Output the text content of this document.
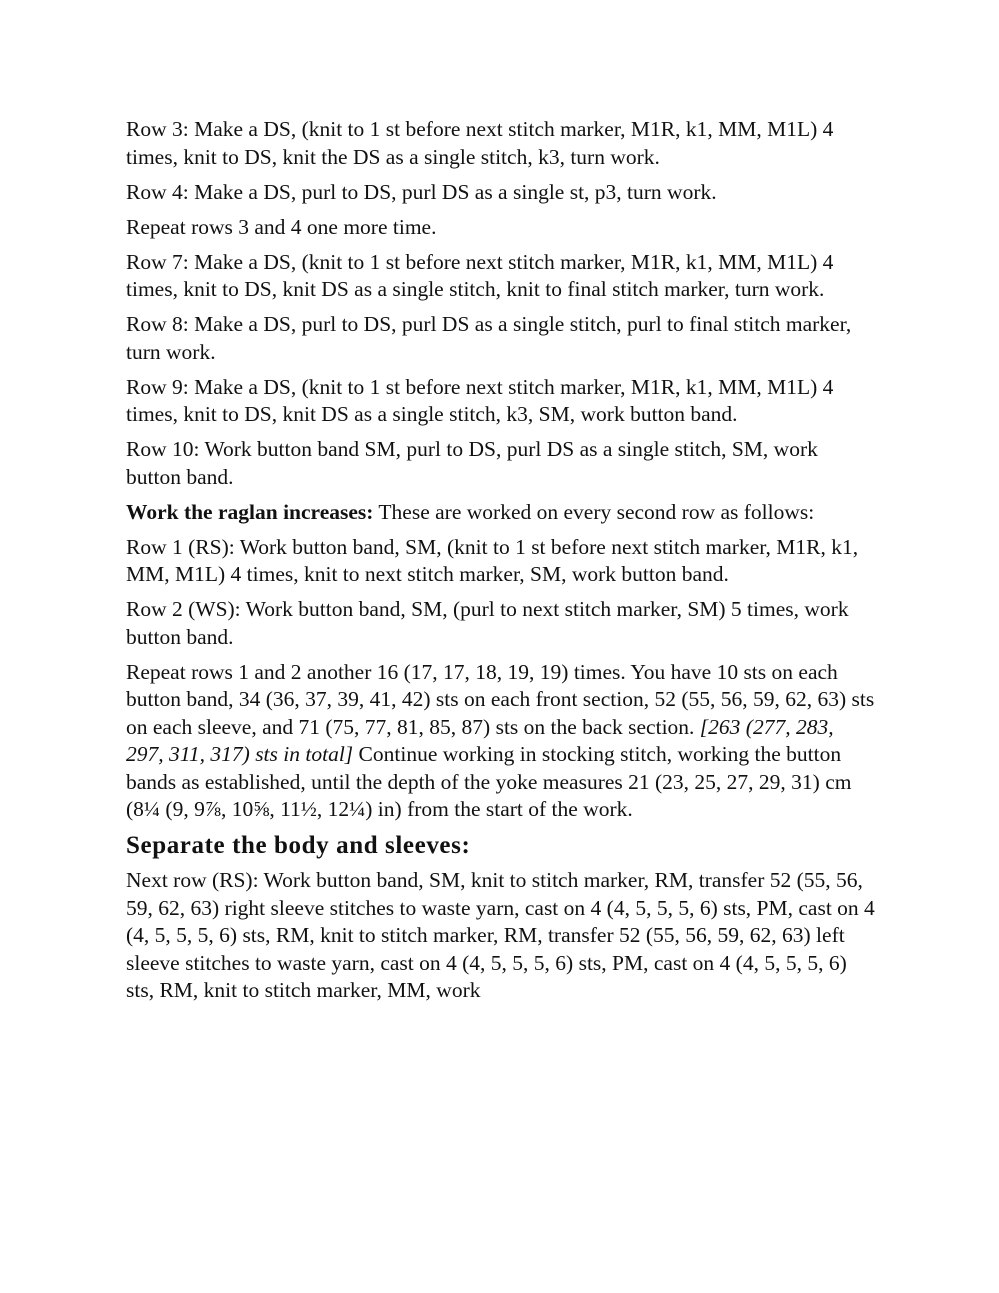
Row 3: Make a DS, (knit to 1 st before next stitch marker, M1R, k1, MM, M1L) 4 times, knit to DS, knit the DS as a single stitch, k3, turn work.

Row 4: Make a DS, purl to DS, purl DS as a single st, p3, turn work.

Repeat rows 3 and 4 one more time.

Row 7: Make a DS, (knit to 1 st before next stitch marker, M1R, k1, MM, M1L) 4 times, knit to DS, knit DS as a single stitch, knit to final stitch marker, turn work.

Row 8: Make a DS, purl to DS, purl DS as a single stitch, purl to final stitch marker, turn work.

Row 9: Make a DS, (knit to 1 st before next stitch marker, M1R, k1, MM, M1L) 4 times, knit to DS, knit DS as a single stitch, k3, SM, work button band.

Row 10: Work button band SM, purl to DS, purl DS as a single stitch, SM, work button band.

Work the raglan increases: These are worked on every second row as follows:

Row 1 (RS): Work button band, SM, (knit to 1 st before next stitch marker, M1R, k1, MM, M1L) 4 times, knit to next stitch marker, SM, work button band.

Row 2 (WS): Work button band, SM, (purl to next stitch marker, SM) 5 times, work button band.

Repeat rows 1 and 2 another 16 (17, 17, 18, 19, 19) times. You have 10 sts on each button band, 34 (36, 37, 39, 41, 42) sts on each front section, 52 (55, 56, 59, 62, 63) sts on each sleeve, and 71 (75, 77, 81, 85, 87) sts on the back section. [263 (277, 283, 297, 311, 317) sts in total] Continue working in stocking stitch, working the button bands as established, until the depth of the yoke measures 21 (23, 25, 27, 29, 31) cm (8¼ (9, 9⅞, 10⅝, 11½, 12¼) in) from the start of the work.

Separate the body and sleeves:

Next row (RS): Work button band, SM, knit to stitch marker, RM, transfer 52 (55, 56, 59, 62, 63) right sleeve stitches to waste yarn, cast on 4 (4, 5, 5, 5, 6) sts, PM, cast on 4 (4, 5, 5, 5, 6) sts, RM, knit to stitch marker, RM, transfer 52 (55, 56, 59, 62, 63) left sleeve stitches to waste yarn, cast on 4 (4, 5, 5, 5, 6) sts, PM, cast on 4 (4, 5, 5, 5, 6) sts, RM, knit to stitch marker, MM, work
